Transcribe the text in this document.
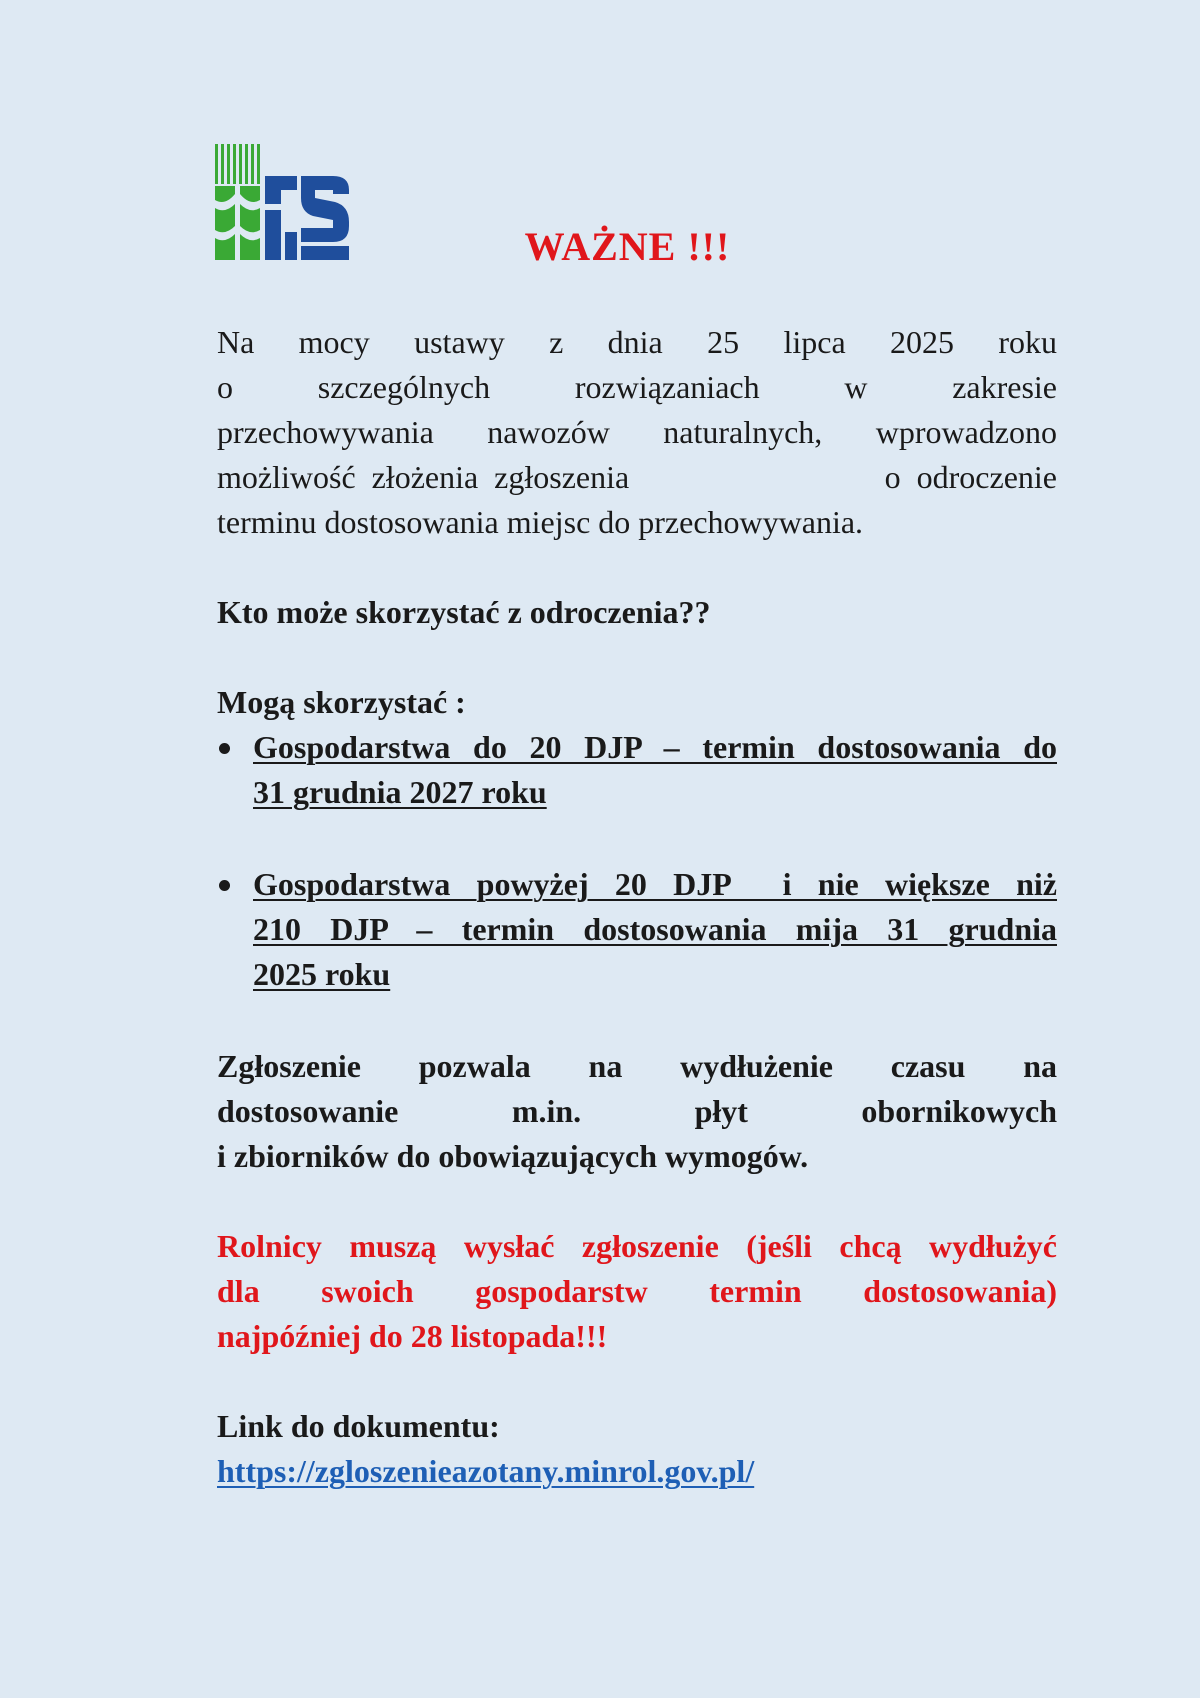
WAŻNE !!!
Na mocy ustawy z dnia 25 lipca 2025 roku
o szczególnych rozwiązaniach w zakresie
przechowywania nawozów naturalnych, wprowadzono
możliwość złożenia zgłoszenia                o odroczenie
terminu dostosowania miejsc do przechowywania.
Kto może skorzystać z odroczenia??
Mogą skorzystać :
Gospodarstwa do 20 DJP – termin dostosowania do
31 grudnia 2027 roku
Gospodarstwa powyżej 20 DJP  i nie większe niż
210 DJP – termin dostosowania mija 31 grudnia
2025 roku
Zgłoszenie pozwala na wydłużenie czasu na
dostosowanie m.in. płyt obornikowych
i zbiorników do obowiązujących wymogów.
Rolnicy muszą wysłać zgłoszenie (jeśli chcą wydłużyć
dla swoich gospodarstw termin dostosowania)
najpóźniej do 28 listopada!!!
Link do dokumentu:
https://zgloszenieazotany.minrol.gov.pl/
